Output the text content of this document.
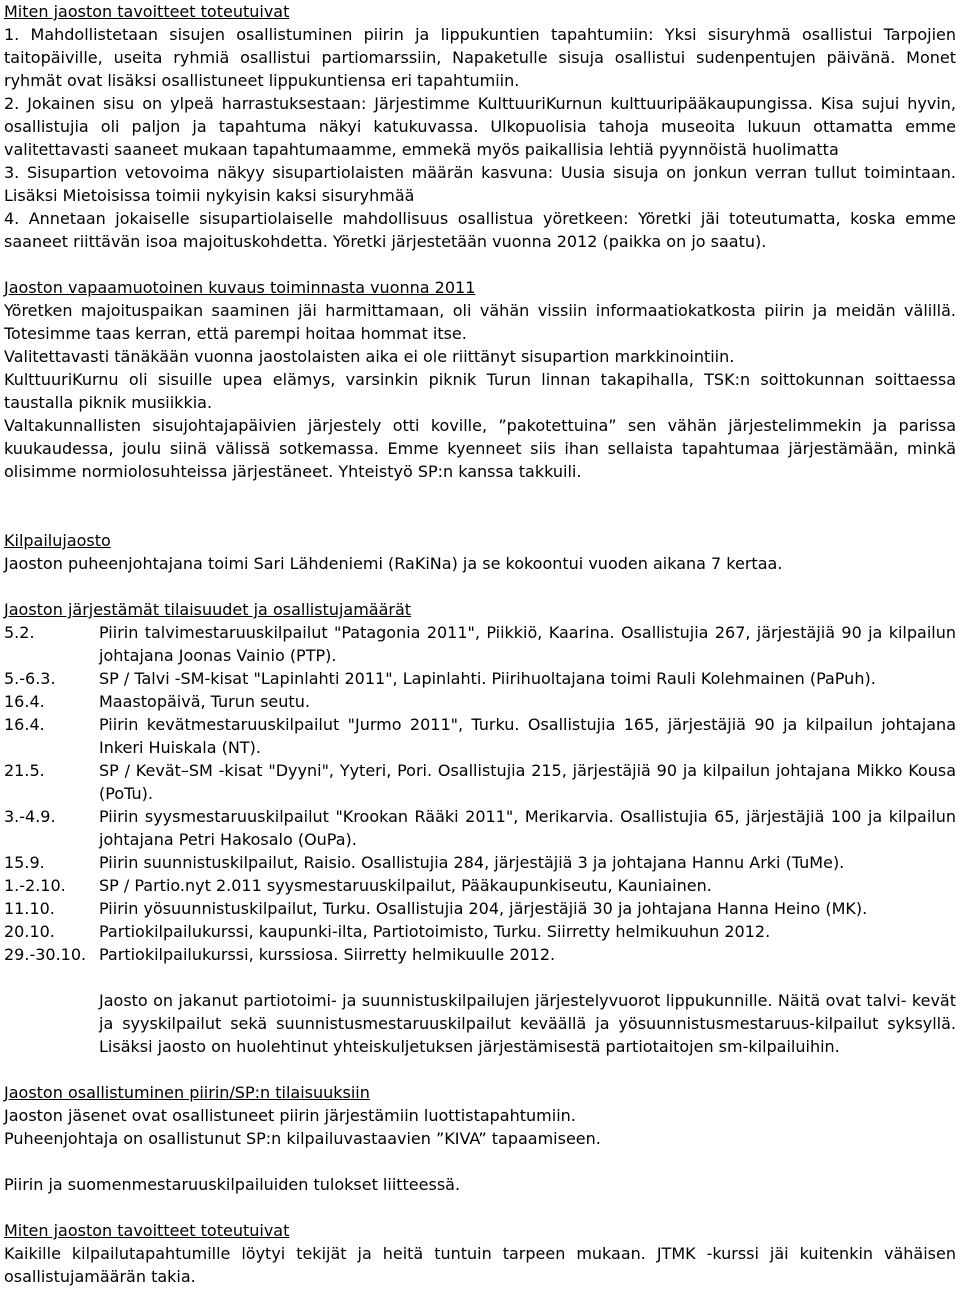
Miten jaoston tavoitteet toteutuivat

1. Mahdollistetaan sisujen osallistuminen piirin ja lippukuntien tapahtumiin: Yksi sisuryhmä osallistui Tarpojien taitopäiville, useita ryhmiä osallistui partiomarssiin, Napaketulle sisuja osallistui sudenpentujen päivänä. Monet ryhmät ovat lisäksi osallistuneet lippukuntiensa eri tapahtumiin.

2. Jokainen sisu on ylpeä harrastuksestaan: Järjestimme KulttuuriKurnun kulttuuripääkaupungissa. Kisa sujui hyvin, osallistujia oli paljon ja tapahtuma näkyi katukuvassa. Ulkopuolisia tahoja museoita lukuun ottamatta emme valitettavasti saaneet mukaan tapahtumaamme, emmekä myös paikallisia lehtiä pyynnöistä huolimatta

3. Sisupartion vetovoima näkyy sisupartiolaisten määrän kasvuna: Uusia sisuja on jonkun verran tullut toimintaan. Lisäksi Mietoisissa toimii nykyisin kaksi sisuryhmää

4. Annetaan jokaiselle sisupartiolaiselle mahdollisuus osallistua yöretkeen: Yöretki jäi toteutumatta, koska emme saaneet riittävän isoa majoituskohdetta. Yöretki järjestetään vuonna 2012 (paikka on jo saatu).

Jaoston vapaamuotoinen kuvaus toiminnasta vuonna 2011

Yöretken majoituspaikan saaminen jäi harmittamaan, oli vähän vissiin informaatiokatkosta piirin ja meidän välillä. Totesimme taas kerran, että parempi hoitaa hommat itse.

Valitettavasti tänäkään vuonna jaostolaisten aika ei ole riittänyt sisupartion markkinointiin.

KulttuuriKurnu oli sisuille upea elämys, varsinkin piknik Turun linnan takapihalla, TSK:n soittokunnan soittaessa taustalla piknik musiikkia.

Valtakunnallisten sisujohtajapäivien järjestely otti koville, ”pakotettuina” sen vähän järjestelimmekin ja parissa kuukaudessa, joulu siinä välissä sotkemassa. Emme kyenneet siis ihan sellaista tapahtumaa järjestämään, minkä olisimme normiolosuhteissa järjestäneet. Yhteistyö SP:n kanssa takkuili.

Kilpailujaosto

Jaoston puheenjohtajana toimi Sari Lähdeniemi (RaKiNa) ja se kokoontui vuoden aikana 7 kertaa.

Jaoston järjestämät tilaisuudet ja osallistujamäärät

5.2.	Piirin talvimestaruuskilpailut "Patagonia 2011", Piikkiö, Kaarina. Osallistujia 267, järjestäjiä 90 ja kilpailun johtajana Joonas Vainio (PTP).
5.-6.3.	SP / Talvi -SM-kisat "Lapinlahti 2011", Lapinlahti. Piirihuoltajana toimi Rauli Kolehmainen (PaPuh).
16.4.	Maastopäivä, Turun seutu.
16.4.	Piirin kevätmestaruuskilpailut "Jurmo 2011", Turku. Osallistujia 165, järjestäjiä 90 ja kilpailun johtajana Inkeri Huiskala (NT).
21.5.	SP / Kevät–SM -kisat "Dyyni", Yyteri, Pori. Osallistujia 215, järjestäjiä 90 ja kilpailun johtajana Mikko Kousa (PoTu).
3.-4.9.	Piirin syysmestaruuskilpailut "Krookan Rääki 2011", Merikarvia. Osallistujia 65, järjestäjiä 100 ja kilpailun johtajana Petri Hakosalo (OuPa).
15.9.	Piirin suunnistuskilpailut, Raisio. Osallistujia 284, järjestäjiä 3 ja johtajana Hannu Arki (TuMe).
1.-2.10.	SP / Partio.nyt 2.011 syysmestaruuskilpailut, Pääkaupunkiseutu, Kauniainen.
11.10.	Piirin yösuunnistuskilpailut, Turku. Osallistujia 204, järjestäjiä 30 ja johtajana Hanna Heino (MK).
20.10.	Partiokilpailukurssi, kaupunki-ilta, Partiotoimisto, Turku. Siirretty helmikuuhun 2012.
29.-30.10.	Partiokilpailukurssi, kurssiosa. Siirretty helmikuulle 2012.

Jaosto on jakanut partiotoimi- ja suunnistuskilpailujen järjestelyvuorot lippukunnille. Näitä ovat talvi- kevät ja syyskilpailut sekä suunnistusmestaruuskilpailut keväällä ja yösuunnistusmestaruus-kilpailut syksyllä. Lisäksi jaosto on huolehtinut yhteiskuljetuksen järjestämisestä partiotaitojen sm-kilpailuihin.

Jaoston osallistuminen piirin/SP:n tilaisuuksiin

Jaoston jäsenet ovat osallistuneet piirin järjestämiin luottistapahtumiin.

Puheenjohtaja on osallistunut SP:n kilpailuvastaavien ”KIVA” tapaamiseen.

Piirin ja suomenmestaruuskilpailuiden tulokset liitteessä.

Miten jaoston tavoitteet toteutuivat

Kaikille kilpailutapahtumille löytyi tekijät ja heitä tuntuin tarpeen mukaan. JTMK -kurssi jäi kuitenkin vähäisen osallistujamäärän takia.
